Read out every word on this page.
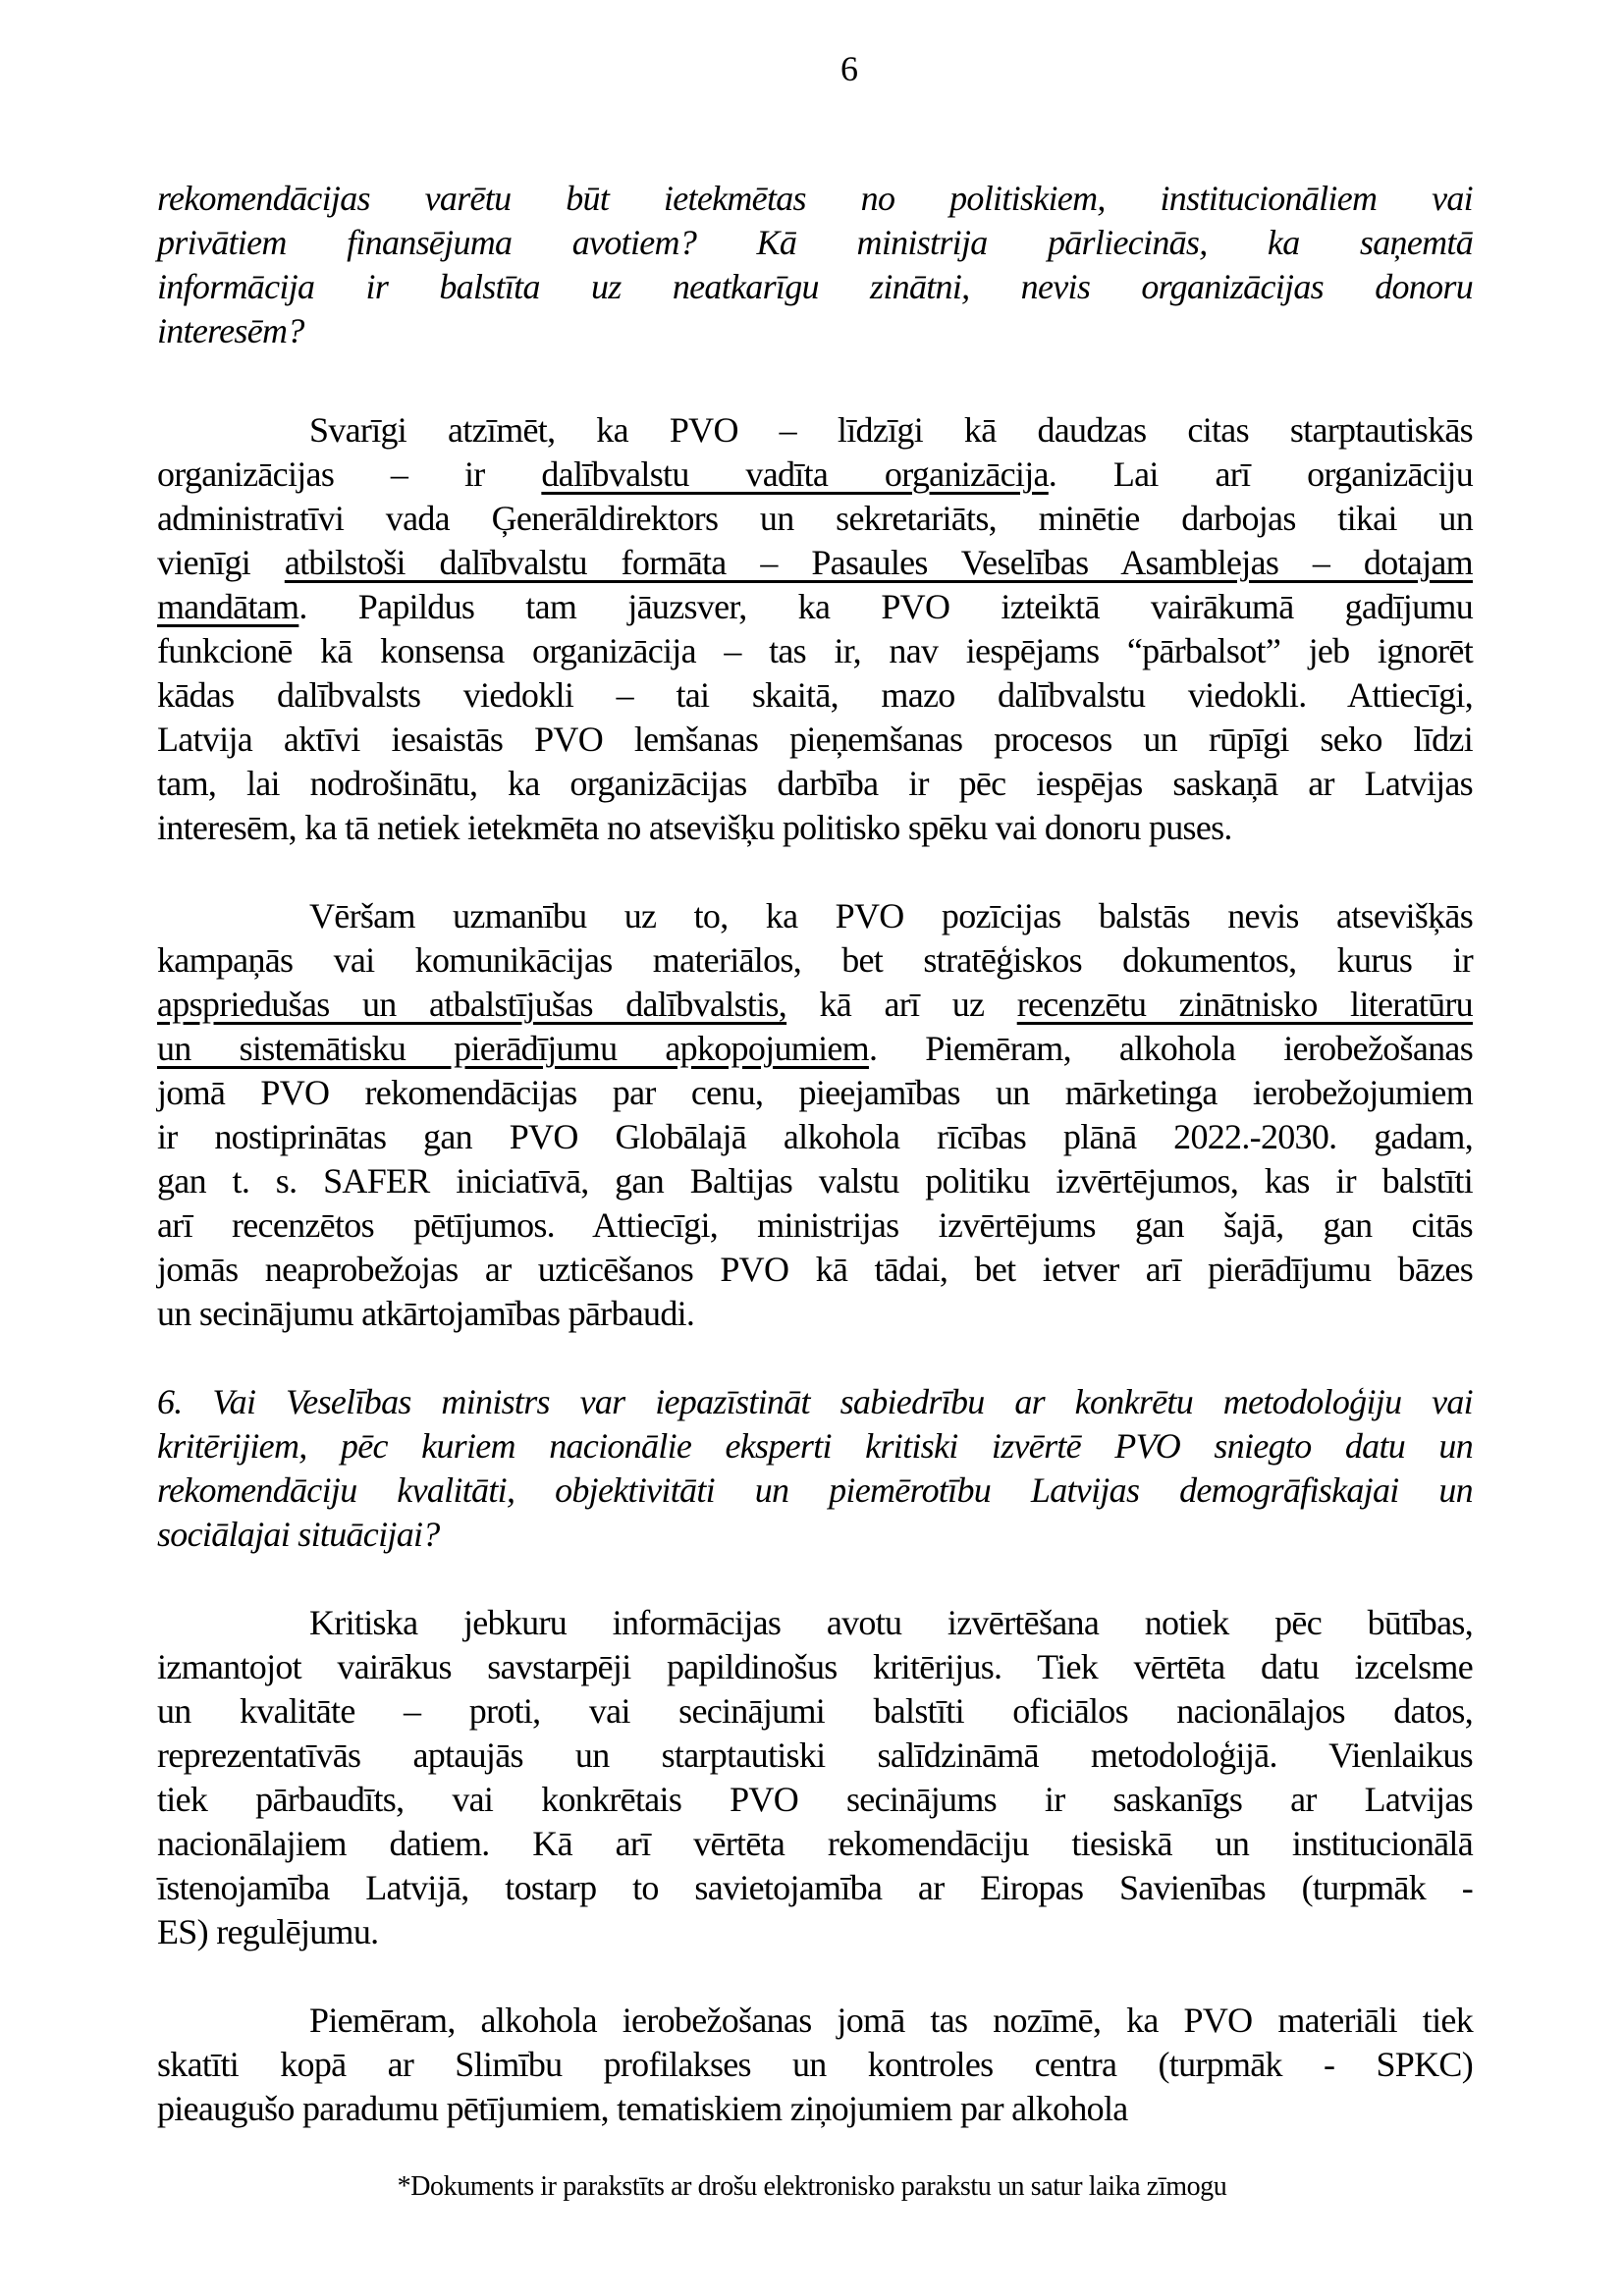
6
rekomendācijas varētu būt ietekmētas no politiskiem, institucionāliem vai
privātiem finansējuma avotiem? Kā ministrija pārliecinās, ka saņemtā
informācija ir balstīta uz neatkarīgu zinātni, nevis organizācijas donoru
interesēm?
Svarīgi atzīmēt, ka PVO – līdzīgi kā daudzas citas starptautiskās
organizācijas – ir dalībvalstu vadīta organizācija. Lai arī organizāciju
administratīvi vada Ģenerāldirektors un sekretariāts, minētie darbojas tikai un
vienīgi atbilstoši dalībvalstu formāta – Pasaules Veselības Asamblejas – dotajam
mandātam. Papildus tam jāuzsver, ka PVO izteiktā vairākumā gadījumu
funkcionē kā konsensa organizācija – tas ir, nav iespējams “pārbalsot” jeb ignorēt
kādas dalībvalsts viedokli – tai skaitā, mazo dalībvalstu viedokli. Attiecīgi,
Latvija aktīvi iesaistās PVO lemšanas pieņemšanas procesos un rūpīgi seko līdzi
tam, lai nodrošinātu, ka organizācijas darbība ir pēc iespējas saskaņā ar Latvijas
interesēm, ka tā netiek ietekmēta no atsevišķu politisko spēku vai donoru puses.
Vēršam uzmanību uz to, ka PVO pozīcijas balstās nevis atsevišķās
kampaņās vai komunikācijas materiālos, bet stratēģiskos dokumentos, kurus ir
apspriedušas un atbalstījušas dalībvalstis, kā arī uz recenzētu zinātnisko literatūru
un sistemātisku pierādījumu apkopojumiem. Piemēram, alkohola ierobežošanas
jomā PVO rekomendācijas par cenu, pieejamības un mārketinga ierobežojumiem
ir nostiprinātas gan PVO Globālajā alkohola rīcības plānā 2022.-2030. gadam,
gan t. s. SAFER iniciatīvā, gan Baltijas valstu politiku izvērtējumos, kas ir balstīti
arī recenzētos pētījumos. Attiecīgi, ministrijas izvērtējums gan šajā, gan citās
jomās neaprobežojas ar uzticēšanos PVO kā tādai, bet ietver arī pierādījumu bāzes
un secinājumu atkārtojamības pārbaudi.
6. Vai Veselības ministrs var iepazīstināt sabiedrību ar konkrētu metodoloģiju vai
kritērijiem, pēc kuriem nacionālie eksperti kritiski izvērtē PVO sniegto datu un
rekomendāciju kvalitāti, objektivitāti un piemērotību Latvijas demogrāfiskajai un
sociālajai situācijai?
Kritiska jebkuru informācijas avotu izvērtēšana notiek pēc būtības,
izmantojot vairākus savstarpēji papildinošus kritērijus. Tiek vērtēta datu izcelsme
un kvalitāte – proti, vai secinājumi balstīti oficiālos nacionālajos datos,
reprezentatīvās aptaujās un starptautiski salīdzināmā metodoloģijā. Vienlaikus
tiek pārbaudīts, vai konkrētais PVO secinājums ir saskanīgs ar Latvijas
nacionālajiem datiem. Kā arī vērtēta rekomendāciju tiesiskā un institucionālā
īstenojamība Latvijā, tostarp to savietojamība ar Eiropas Savienības (turpmāk -
ES) regulējumu.
Piemēram, alkohola ierobežošanas jomā tas nozīmē, ka PVO materiāli tiek
skatīti kopā ar Slimību profilakses un kontroles centra (turpmāk - SPKC)
pieaugušo paradumu pētījumiem, tematiskiem ziņojumiem par alkohola
*Dokuments ir parakstīts ar drošu elektronisko parakstu un satur laika zīmogu
